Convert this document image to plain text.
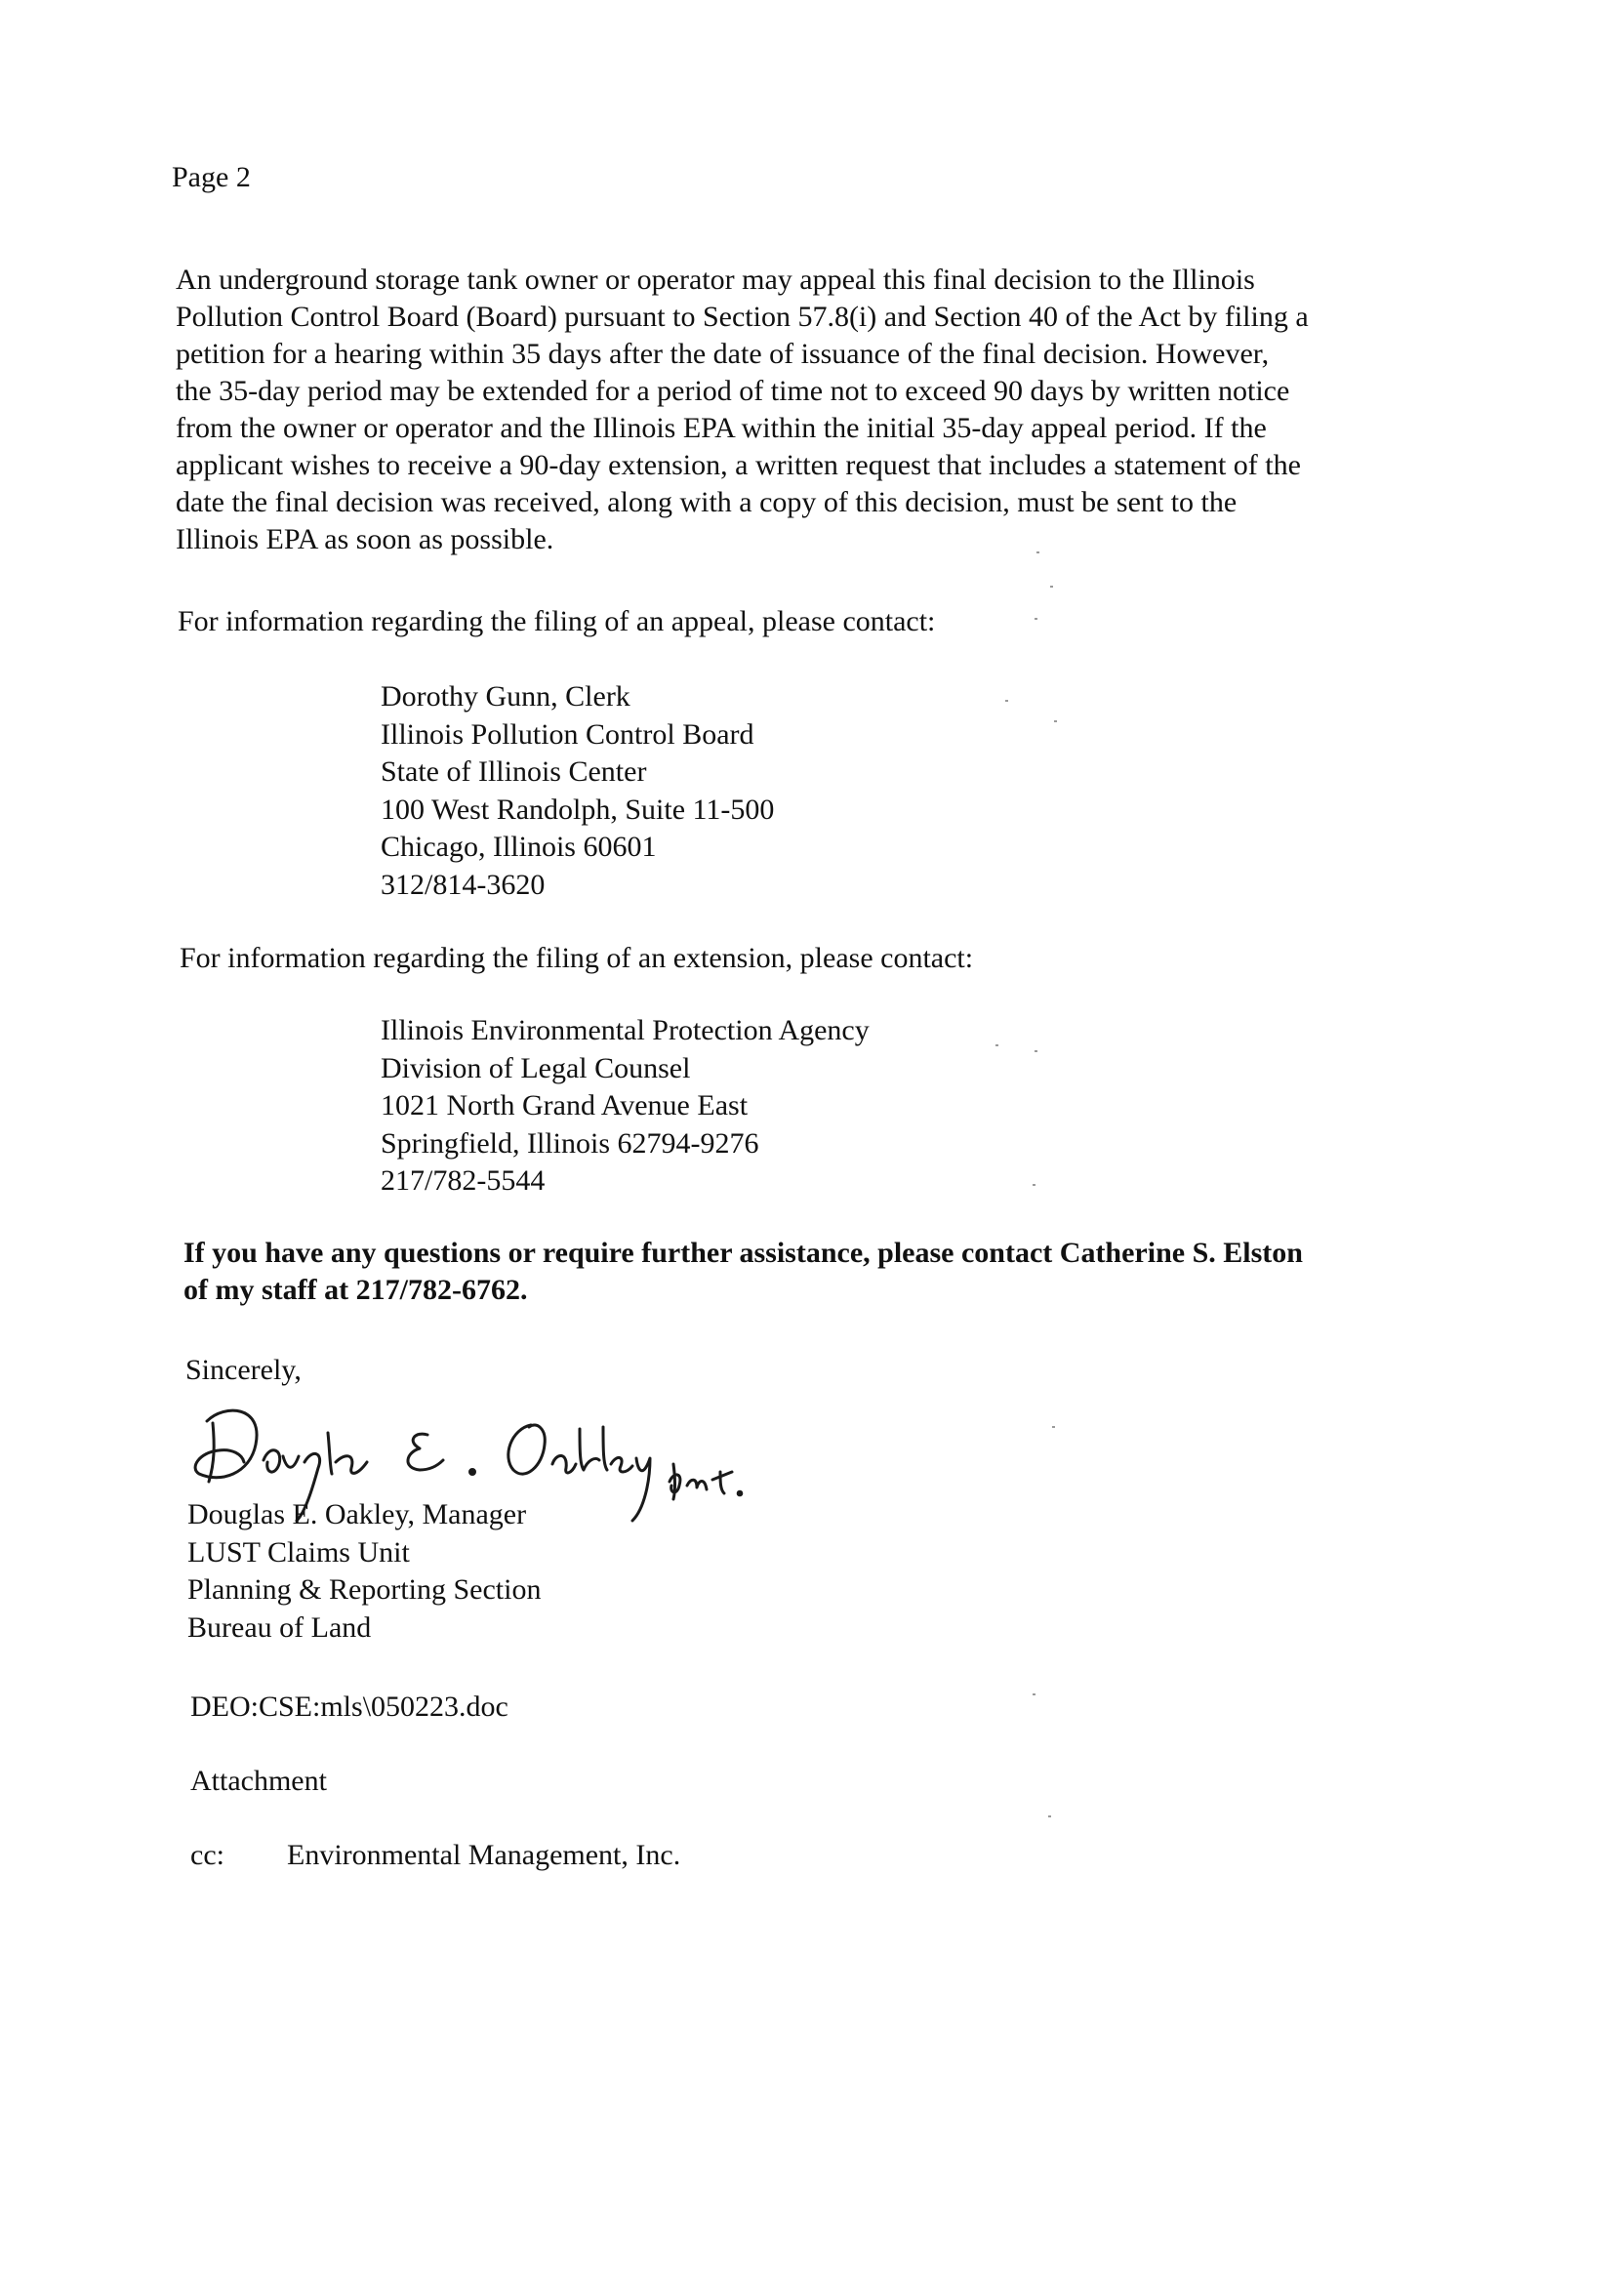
Page 2
An underground storage tank owner or operator may appeal this final decision to the Illinois
Pollution Control Board (Board) pursuant to Section 57.8(i) and Section 40 of the Act by filing a
petition for a hearing within 35 days after the date of issuance of the final decision. However,
the 35-day period may be extended for a period of time not to exceed 90 days by written notice
from the owner or operator and the Illinois EPA within the initial 35-day appeal period. If the
applicant wishes to receive a 90-day extension, a written request that includes a statement of the
date the final decision was received, along with a copy of this decision, must be sent to the
Illinois EPA as soon as possible.
For information regarding the filing of an appeal, please contact:
Dorothy Gunn, Clerk
Illinois Pollution Control Board
State of Illinois Center
100 West Randolph, Suite 11-500
Chicago, Illinois 60601
312/814-3620
For information regarding the filing of an extension, please contact:
Illinois Environmental Protection Agency
Division of Legal Counsel
1021 North Grand Avenue East
Springfield, Illinois 62794-9276
217/782-5544
If you have any questions or require further assistance, please contact Catherine S. Elston
of my staff at 217/782-6762.
Sincerely,
Douglas E. Oakley, Manager
LUST Claims Unit
Planning & Reporting Section
Bureau of Land
DEO:CSE:mls\050223.doc
Attachment
cc: Environmental Management, Inc.
